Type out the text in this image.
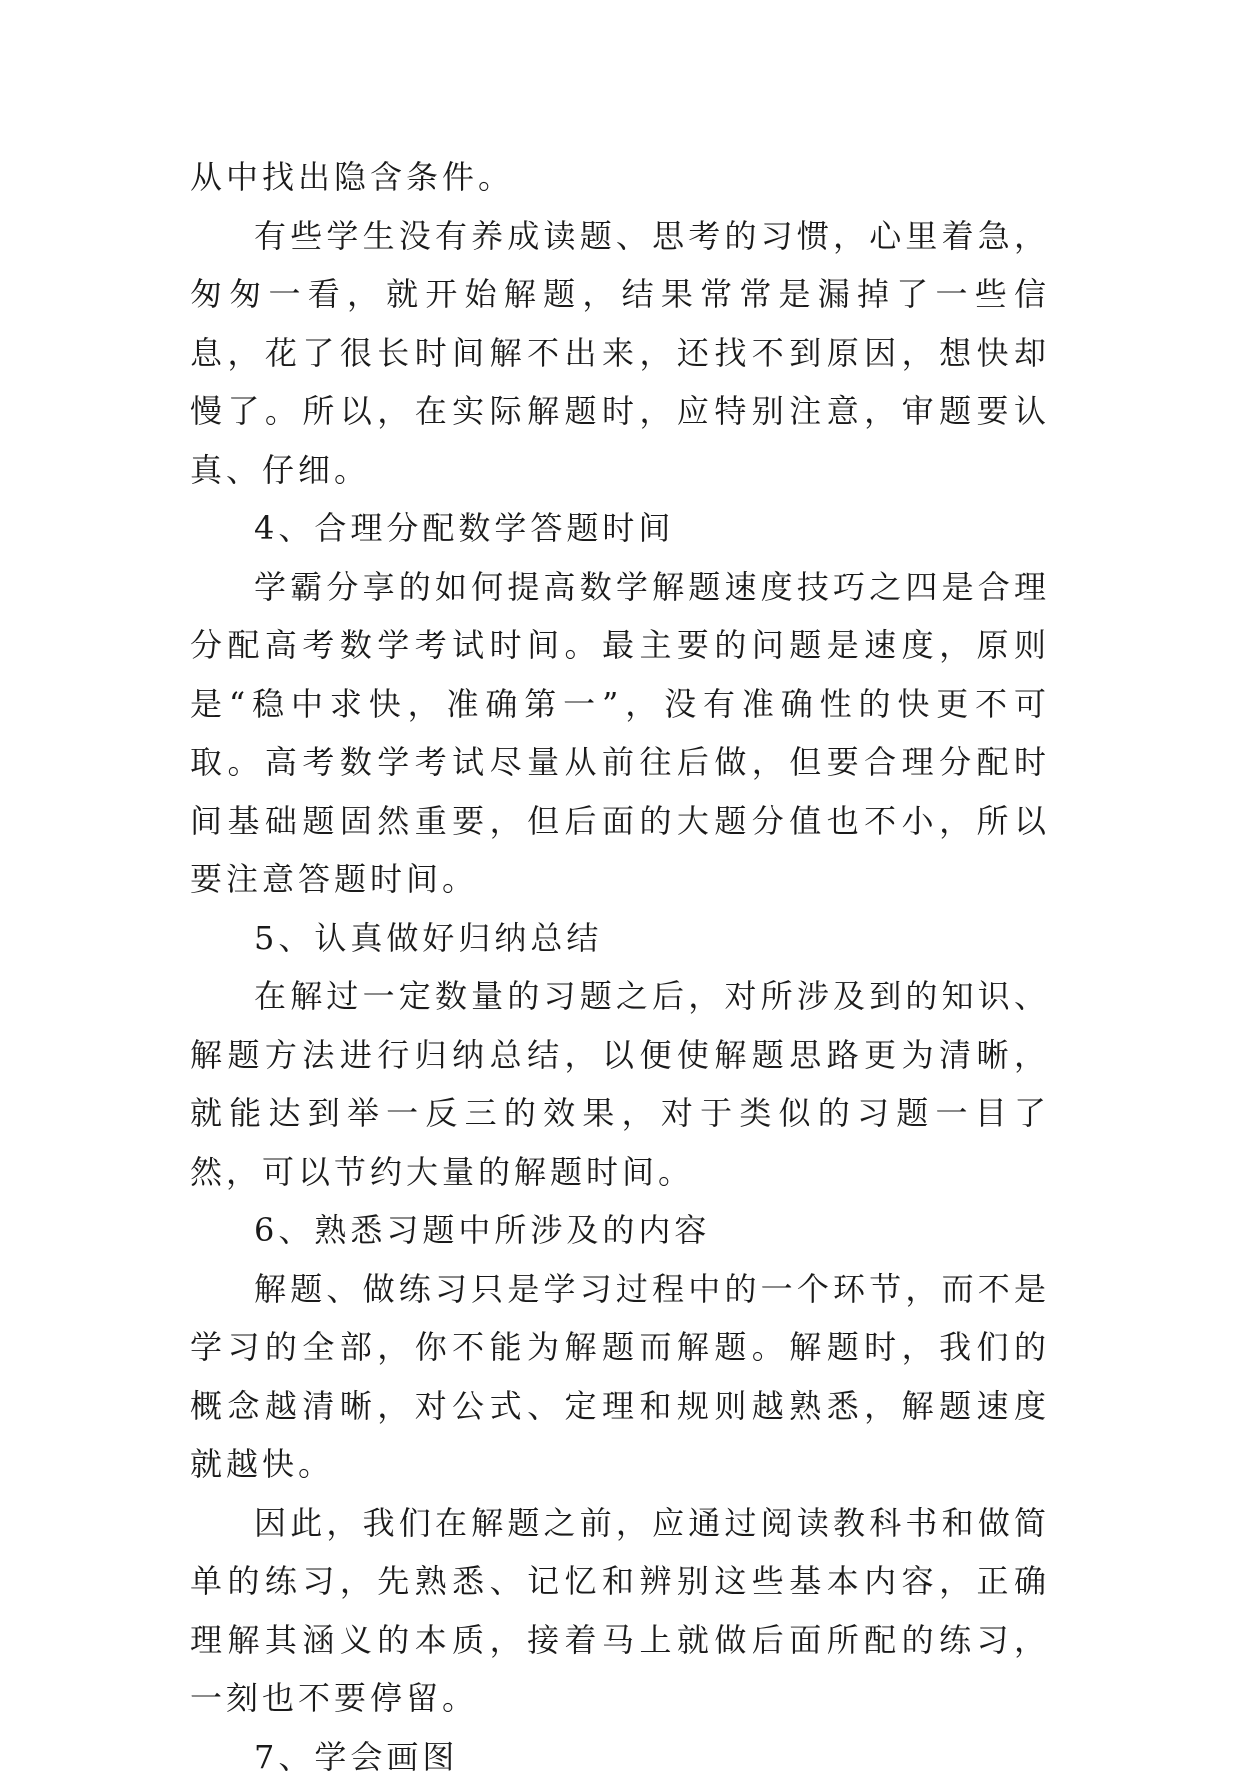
从中找出隐含条件。

有些学生没有养成读题、思考的习惯，心里着急，匆匆一看，就开始解题，结果常常是漏掉了一些信息，花了很长时间解不出来，还找不到原因，想快却慢了。所以，在实际解题时，应特别注意，审题要认真、仔细。

4、合理分配数学答题时间

学霸分享的如何提高数学解题速度技巧之四是合理分配高考数学考试时间。最主要的问题是速度，原则是“稳中求快，准确第一”，没有准确性的快更不可取。高考数学考试尽量从前往后做，但要合理分配时间基础题固然重要，但后面的大题分值也不小，所以要注意答题时间。

5、认真做好归纳总结

在解过一定数量的习题之后，对所涉及到的知识、解题方法进行归纳总结，以便使解题思路更为清晰，就能达到举一反三的效果，对于类似的习题一目了然，可以节约大量的解题时间。

6、熟悉习题中所涉及的内容

解题、做练习只是学习过程中的一个环节，而不是学习的全部，你不能为解题而解题。解题时，我们的概念越清晰，对公式、定理和规则越熟悉，解题速度就越快。

因此，我们在解题之前，应通过阅读教科书和做简单的练习，先熟悉、记忆和辨别这些基本内容，正确理解其涵义的本质，接着马上就做后面所配的练习，一刻也不要停留。

7、学会画图
